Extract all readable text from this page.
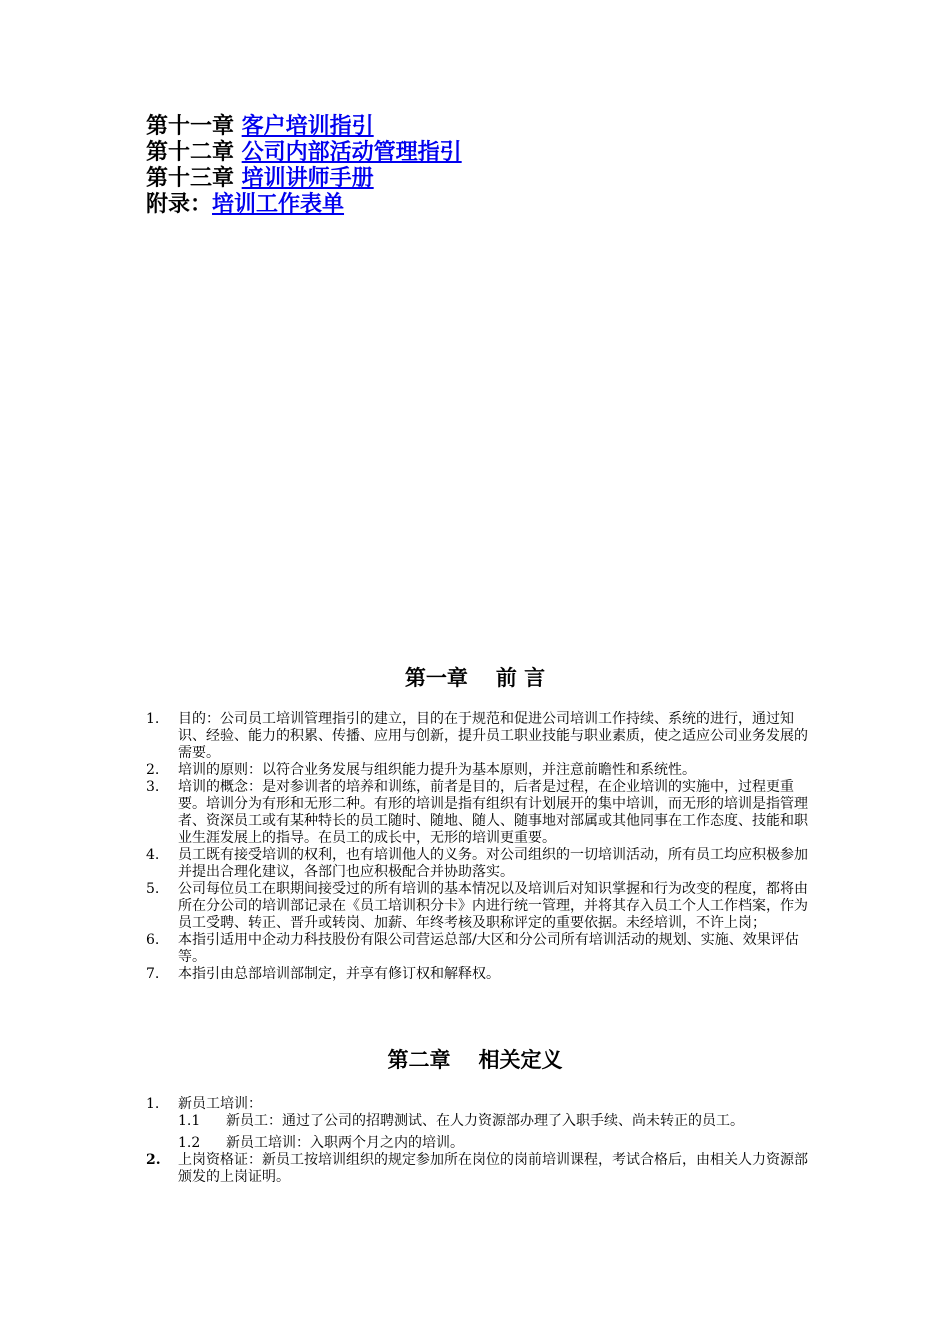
第十一章 客户培训指引
第十二章 公司内部活动管理指引
第十三章 培训讲师手册
附录：培训工作表单
第一章 前 言
1. 目的：公司员工培训管理指引的建立，目的在于规范和促进公司培训工作持续、系统的进行，通过知识、经验、能力的积累、传播、应用与创新，提升员工职业技能与职业素质，使之适应公司业务发展的需要。
2. 培训的原则：以符合业务发展与组织能力提升为基本原则，并注意前瞻性和系统性。
3. 培训的概念：是对参训者的培养和训练，前者是目的，后者是过程，在企业培训的实施中，过程更重要。培训分为有形和无形二种。有形的培训是指有组织有计划展开的集中培训，而无形的培训是指管理者、资深员工或有某种特长的员工随时、随地、随人、随事地对部属或其他同事在工作态度、技能和职业生涯发展上的指导。在员工的成长中，无形的培训更重要。
4. 员工既有接受培训的权利，也有培训他人的义务。对公司组织的一切培训活动，所有员工均应积极参加并提出合理化建议，各部门也应积极配合并协助落实。
5. 公司每位员工在职期间接受过的所有培训的基本情况以及培训后对知识掌握和行为改变的程度，都将由所在分公司的培训部记录在《员工培训积分卡》内进行统一管理，并将其存入员工个人工作档案，作为员工受聘、转正、晋升或转岗、加薪、年终考核及职称评定的重要依据。未经培训，不许上岗；
6. 本指引适用中企动力科技股份有限公司营运总部/大区和分公司所有培训活动的规划、实施、效果评估等。
7. 本指引由总部培训部制定，并享有修订权和解释权。
第二章 相关定义
1. 新员工培训：
1.1 新员工：通过了公司的招聘测试、在人力资源部办理了入职手续、尚未转正的员工。
1.2 新员工培训：入职两个月之内的培训。
2. 上岗资格证：新员工按培训组织的规定参加所在岗位的岗前培训课程，考试合格后，由相关人力资源部颁发的上岗证明。
